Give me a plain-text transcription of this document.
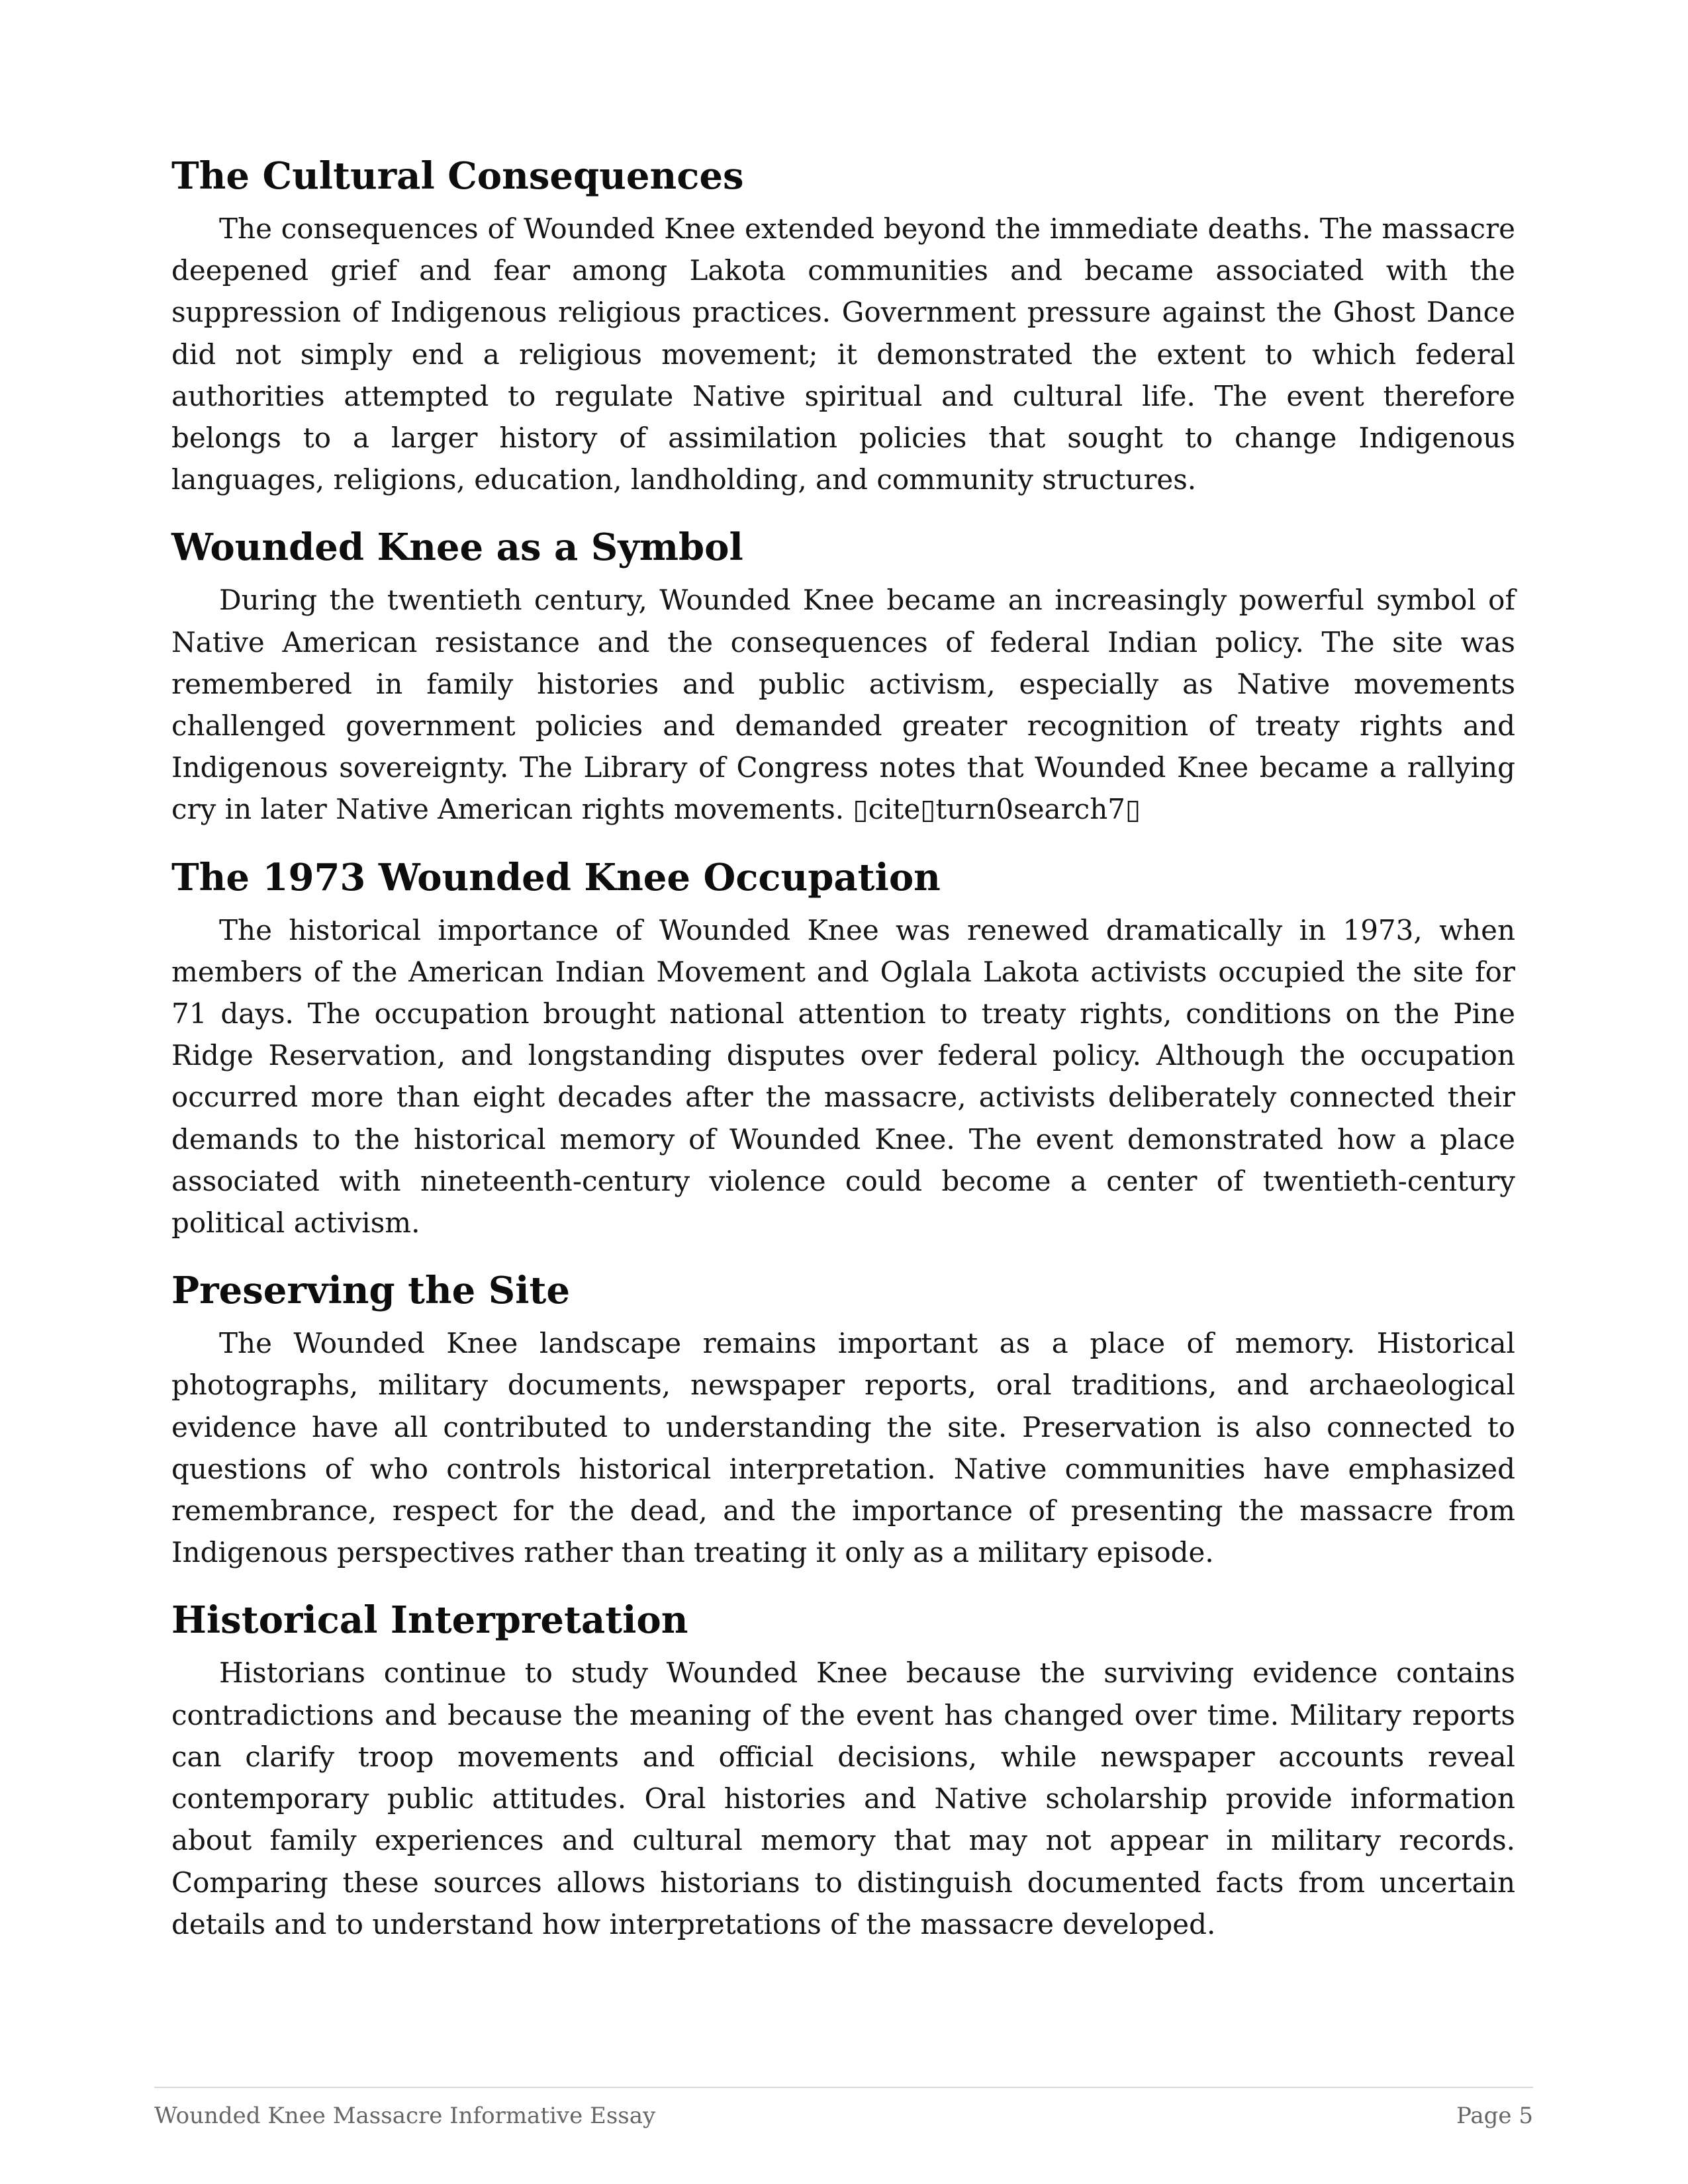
The Cultural Consequences

The consequences of Wounded Knee extended beyond the immediate deaths. The massacre deepened grief and fear among Lakota communities and became associated with the suppression of Indigenous religious practices. Government pressure against the Ghost Dance did not simply end a religious movement; it demonstrated the extent to which federal authorities attempted to regulate Native spiritual and cultural life. The event therefore belongs to a larger history of assimilation policies that sought to change Indigenous languages, religions, education, landholding, and community structures.

Wounded Knee as a Symbol

During the twentieth century, Wounded Knee became an increasingly powerful symbol of Native American resistance and the consequences of federal Indian policy. The site was remembered in family histories and public activism, especially as Native movements challenged government policies and demanded greater recognition of treaty rights and Indigenous sovereignty. The Library of Congress notes that Wounded Knee became a rallying cry in later Native American rights movements. ▯cite▯turn0search7▯

The 1973 Wounded Knee Occupation

The historical importance of Wounded Knee was renewed dramatically in 1973, when members of the American Indian Movement and Oglala Lakota activists occupied the site for 71 days. The occupation brought national attention to treaty rights, conditions on the Pine Ridge Reservation, and longstanding disputes over federal policy. Although the occupation occurred more than eight decades after the massacre, activists deliberately connected their demands to the historical memory of Wounded Knee. The event demonstrated how a place associated with nineteenth-century violence could become a center of twentieth-century political activism.

Preserving the Site

The Wounded Knee landscape remains important as a place of memory. Historical photographs, military documents, newspaper reports, oral traditions, and archaeological evidence have all contributed to understanding the site. Preservation is also connected to questions of who controls historical interpretation. Native communities have emphasized remembrance, respect for the dead, and the importance of presenting the massacre from Indigenous perspectives rather than treating it only as a military episode.

Historical Interpretation

Historians continue to study Wounded Knee because the surviving evidence contains contradictions and because the meaning of the event has changed over time. Military reports can clarify troop movements and official decisions, while newspaper accounts reveal contemporary public attitudes. Oral histories and Native scholarship provide information about family experiences and cultural memory that may not appear in military records. Comparing these sources allows historians to distinguish documented facts from uncertain details and to understand how interpretations of the massacre developed.

Wounded Knee Massacre Informative Essay	Page 5
